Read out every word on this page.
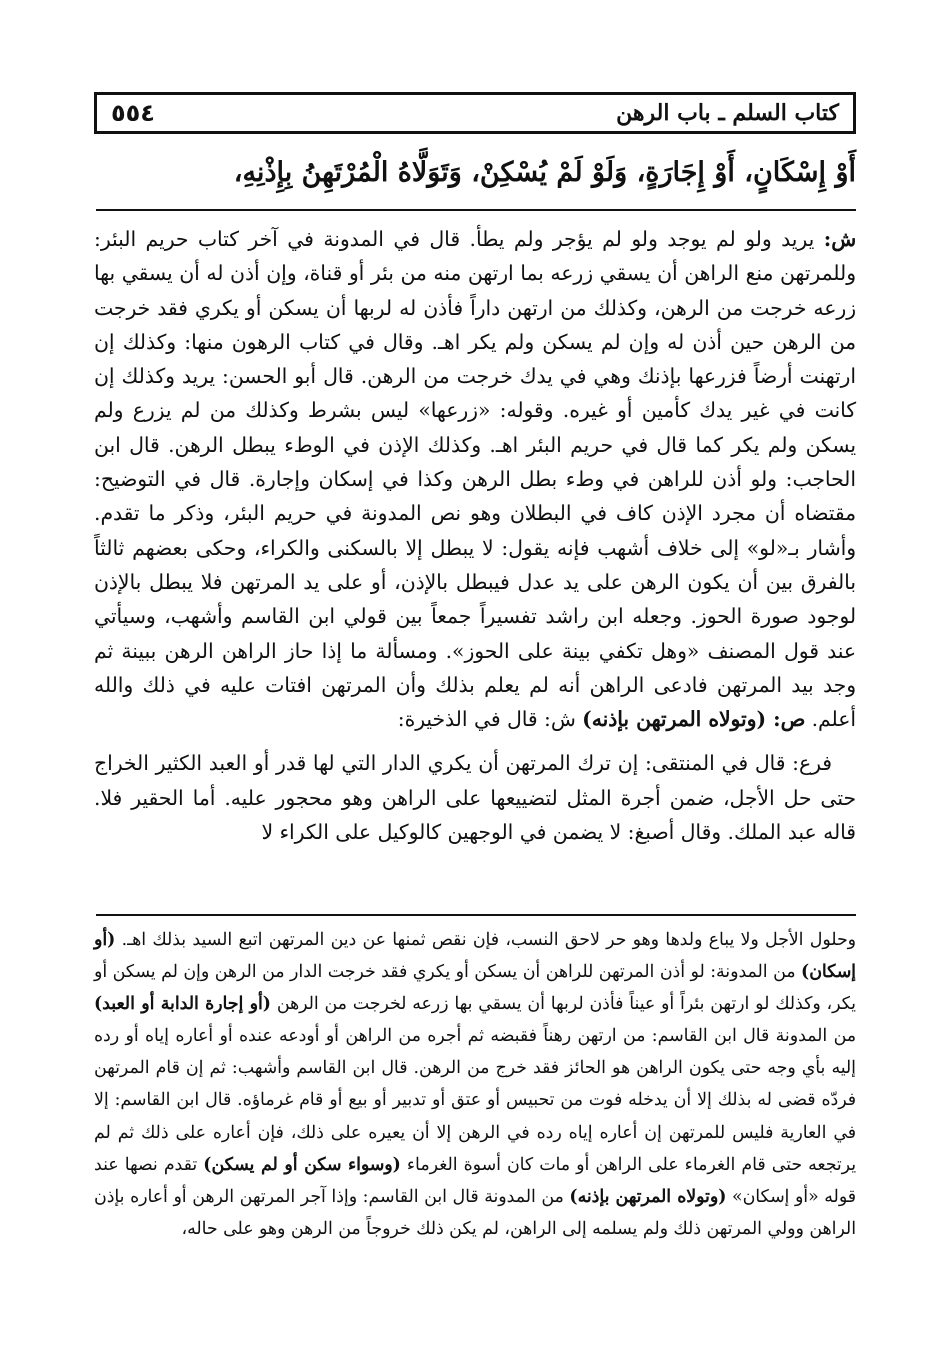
٥٥٤	كتاب السلم ـ باب الرهن
أَوْ إِسْكَانٍ، أَوْ إِجَارَةٍ، وَلَوْ لَمْ يُسْكِنْ، وَتَوَلَّاهُ الْمُرْتَهِنُ بِإِذْنِهِ،

ش: يريد ولو لم يوجد ولو لم يؤجر ولم يطأ. قال في المدونة في آخر كتاب حريم البئر: وللمرتهن منع الراهن أن يسقي زرعه بما ارتهن منه من بئر أو قناة، وإن أذن له أن يسقي بها زرعه خرجت من الرهن، وكذلك من ارتهن داراً فأذن له لربها أن يسكن أو يكري فقد خرجت من الرهن حين أذن له وإن لم يسكن ولم يكر اهـ. وقال في كتاب الرهون منها: وكذلك إن ارتهنت أرضاً فزرعها بإذنك وهي في يدك خرجت من الرهن. قال أبو الحسن: يريد وكذلك إن كانت في غير يدك كأمين أو غيره. وقوله: «زرعها» ليس بشرط وكذلك من لم يزرع ولم يسكن ولم يكر كما قال في حريم البئر اهـ. وكذلك الإذن في الوطء يبطل الرهن. قال ابن الحاجب: ولو أذن للراهن في وطء بطل الرهن وكذا في إسكان وإجارة. قال في التوضيح: مقتضاه أن مجرد الإذن كاف في البطلان وهو نص المدونة في حريم البئر، وذكر ما تقدم. وأشار بـ«لو» إلى خلاف أشهب فإنه يقول: لا يبطل إلا بالسكنى والكراء، وحكى بعضهم ثالثاً بالفرق بين أن يكون الرهن على يد عدل فيبطل بالإذن، أو على يد المرتهن فلا يبطل بالإذن لوجود صورة الحوز. وجعله ابن راشد تفسيراً جمعاً بين قولي ابن القاسم وأشهب، وسيأتي عند قول المصنف «وهل تكفي بينة على الحوز». ومسألة ما إذا حاز الراهن الرهن ببينة ثم وجد بيد المرتهن فادعى الراهن أنه لم يعلم بذلك وأن المرتهن افتات عليه في ذلك والله أعلم. ص: (وتولاه المرتهن بإذنه) ش: قال في الذخيرة:

فرع: قال في المنتقى: إن ترك المرتهن أن يكري الدار التي لها قدر أو العبد الكثير الخراج حتى حل الأجل، ضمن أجرة المثل لتضييعها على الراهن وهو محجور عليه. أما الحقير فلا. قاله عبد الملك. وقال أصبغ: لا يضمن في الوجهين كالوكيل على الكراء لا

وحلول الأجل ولا يباع ولدها وهو حر لاحق النسب، فإن نقص ثمنها عن دين المرتهن اتبع السيد بذلك اهـ. (أو إسكان) من المدونة: لو أذن المرتهن للراهن أن يسكن أو يكري فقد خرجت الدار من الرهن وإن لم يسكن أو يكر، وكذلك لو ارتهن بئراً أو عيناً فأذن لربها أن يسقي بها زرعه لخرجت من الرهن (أو إجارة الدابة أو العبد) من المدونة قال ابن القاسم: من ارتهن رهناً فقبضه ثم أجره من الراهن أو أودعه عنده أو أعاره إياه أو رده إليه بأي وجه حتى يكون الراهن هو الحائز فقد خرج من الرهن. قال ابن القاسم وأشهب: ثم إن قام المرتهن فردّه قضى له بذلك إلا أن يدخله فوت من تحبيس أو عتق أو تدبير أو بيع أو قام غرماؤه. قال ابن القاسم: إلا في العارية فليس للمرتهن إن أعاره إياه رده في الرهن إلا أن يعيره على ذلك، فإن أعاره على ذلك ثم لم يرتجعه حتى قام الغرماء على الراهن أو مات كان أسوة الغرماء (وسواء سكن أو لم يسكن) تقدم نصها عند قوله «أو إسكان» (وتولاه المرتهن بإذنه) من المدونة قال ابن القاسم: وإذا آجر المرتهن الرهن أو أعاره بإذن الراهن وولي المرتهن ذلك ولم يسلمه إلى الراهن، لم يكن ذلك خروجاً من الرهن وهو على حاله،
